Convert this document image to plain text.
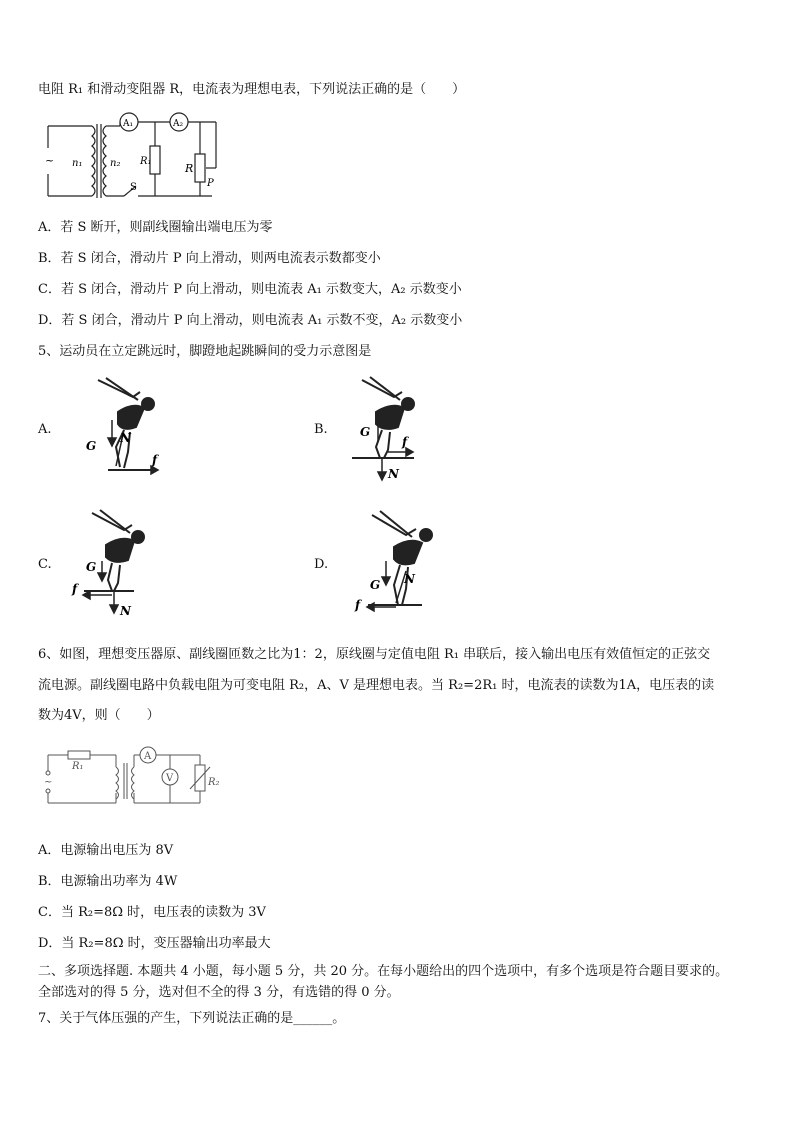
电阻 R₁ 和滑动变阻器 R，电流表为理想电表，下列说法正确的是（　　）
~ n₁	n₂
A₁	A₂
R₁
R
P
S
A．若 S 断开，则副线圈输出端电压为零
B．若 S 闭合，滑动片 P 向上滑动，则两电流表示数都变小
C．若 S 闭合，滑动片 P 向上滑动，则电流表 A₁ 示数变大，A₂ 示数变小
D．若 S 闭合，滑动片 P 向上滑动，则电流表 A₁ 示数不变，A₂ 示数变小
5、运动员在立定跳远时，脚蹬地起跳瞬间的受力示意图是
A.
G
N
f
B.	G
N
f
C.	G
N
f
D.
G N
f
6、如图，理想变压器原、副线圈匝数之比为1：2，原线圈与定值电阻 R₁ 串联后，接入输出电压有效值恒定的正弦交
流电源。副线圈电路中负载电阻为可变电阻 R₂，A、V 是理想电表。当 R₂=2R₁ 时，电流表的读数为1A，电压表的读
数为4V，则（　　）
~
R₁
A
V	R₂
A．电源输出电压为 8V
B．电源输出功率为 4W
C．当 R₂=8Ω 时，电压表的读数为 3V
D．当 R₂=8Ω 时，变压器输出功率最大
二、多项选择题. 本题共 4 小题，每小题 5 分，共 20 分。在每小题给出的四个选项中，有多个选项是符合题目要求的。
全部选对的得 5 分，选对但不全的得 3 分，有选错的得 0 分。
7、关于气体压强的产生，下列说法正确的是______。
